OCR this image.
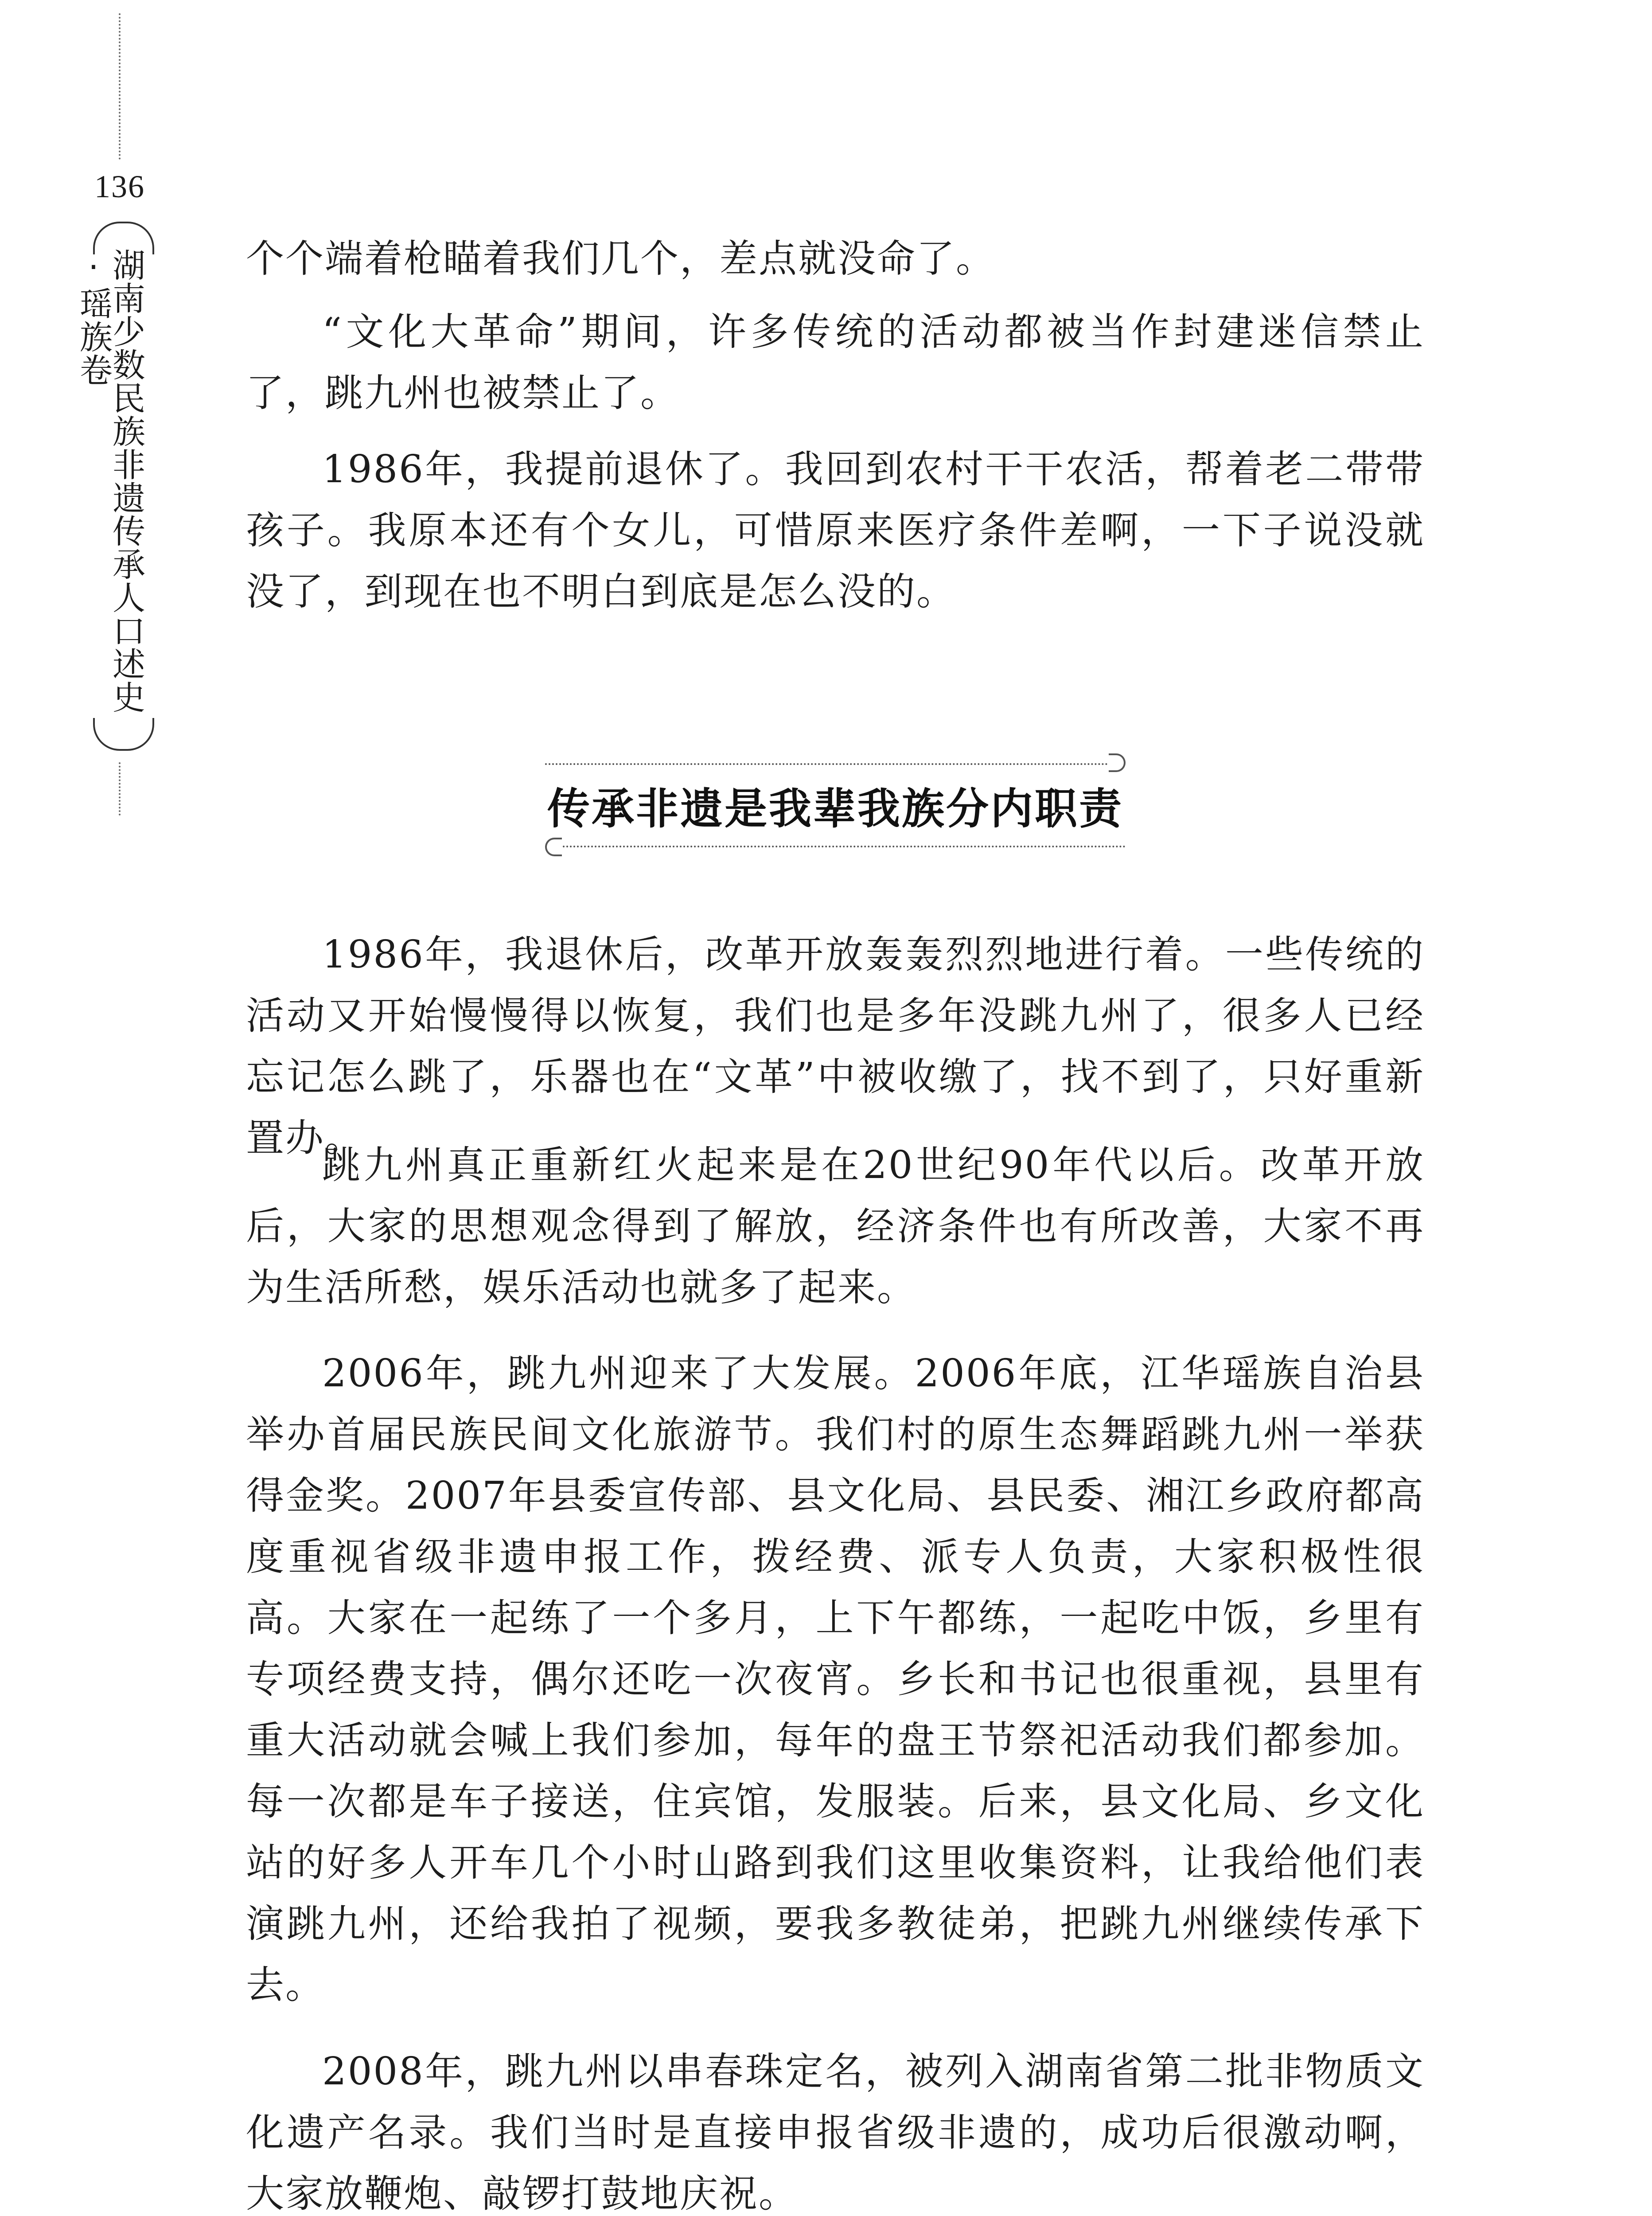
136
湖南少数民族非遗传承人口述史·瑶族卷	个个端着枪瞄着我们几个，差点就没命了。

“文化大革命”期间，许多传统的活动都被当作封建迷信禁止了，跳九州也被禁止了。

1986年，我提前退休了。我回到农村干干农活，帮着老二带带孩子。我原本还有个女儿，可惜原来医疗条件差啊，一下子说没就没了，到现在也不明白到底是怎么没的。

传承非遗是我辈我族分内职责

1986年，我退休后，改革开放轰轰烈烈地进行着。一些传统的活动又开始慢慢得以恢复，我们也是多年没跳九州了，很多人已经忘记怎么跳了，乐器也在“文革”中被收缴了，找不到了，只好重新置办。

跳九州真正重新红火起来是在20世纪90年代以后。改革开放后，大家的思想观念得到了解放，经济条件也有所改善，大家不再为生活所愁，娱乐活动也就多了起来。

2006年，跳九州迎来了大发展。2006年底，江华瑶族自治县举办首届民族民间文化旅游节。我们村的原生态舞蹈跳九州一举获得金奖。2007年县委宣传部、县文化局、县民委、湘江乡政府都高度重视省级非遗申报工作，拨经费、派专人负责，大家积极性很高。大家在一起练了一个多月，上下午都练，一起吃中饭，乡里有专项经费支持，偶尔还吃一次夜宵。乡长和书记也很重视，县里有重大活动就会喊上我们参加，每年的盘王节祭祀活动我们都参加。每一次都是车子接送，住宾馆，发服装。后来，县文化局、乡文化站的好多人开车几个小时山路到我们这里收集资料，让我给他们表演跳九州，还给我拍了视频，要我多教徒弟，把跳九州继续传承下去。

2008年，跳九州以串春珠定名，被列入湖南省第二批非物质文化遗产名录。我们当时是直接申报省级非遗的，成功后很激动啊，大家放鞭炮、敲锣打鼓地庆祝。
